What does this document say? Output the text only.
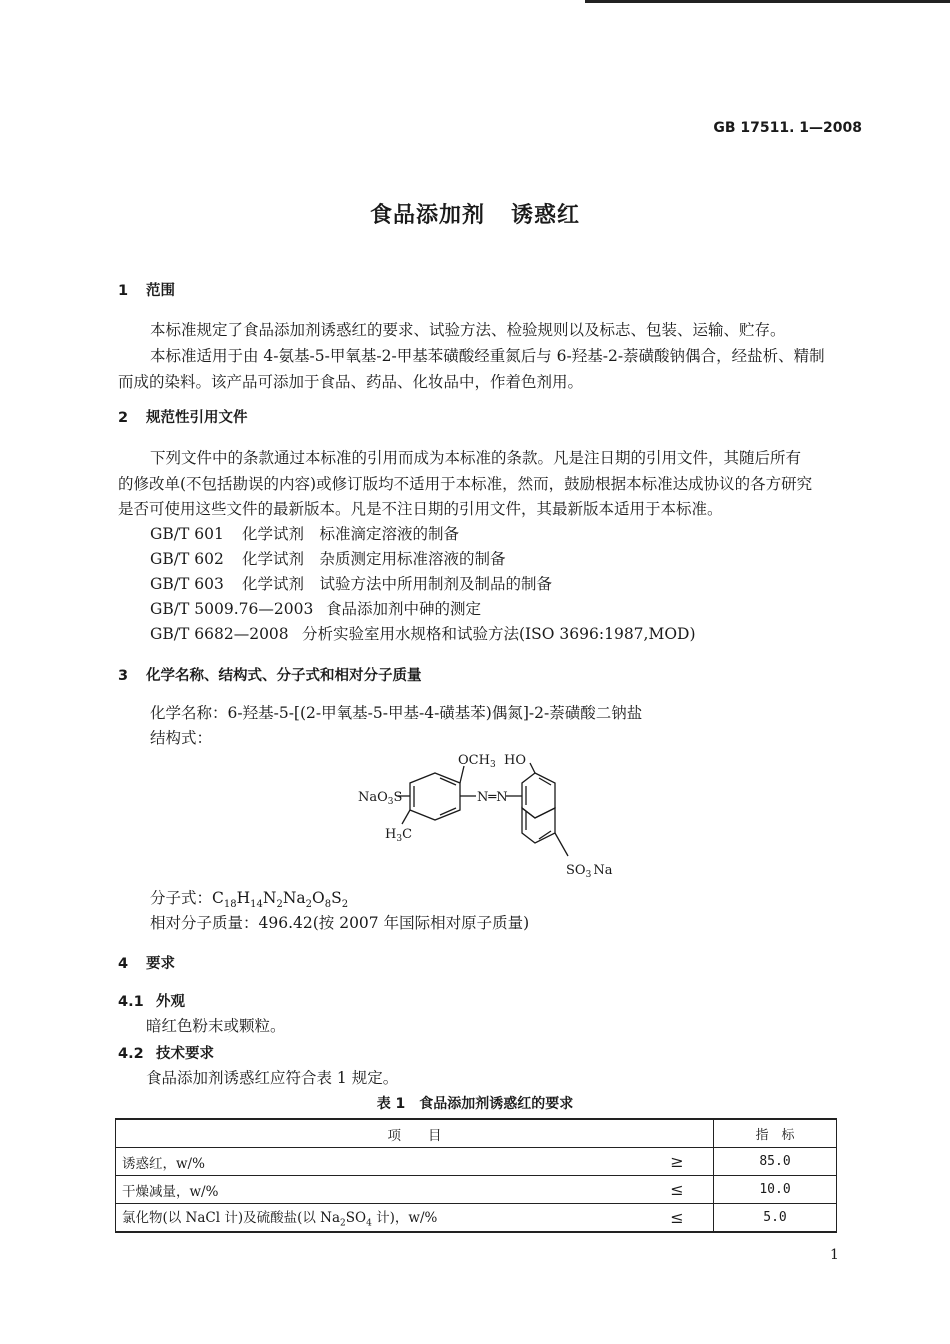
GB 17511. 1—2008
食品添加剂 诱惑红
1 范围
本标准规定了食品添加剂诱惑红的要求、试验方法、检验规则以及标志、包装、运输、贮存。
本标准适用于由 4-氨基-5-甲氧基-2-甲基苯磺酸经重氮后与 6-羟基-2-萘磺酸钠偶合，经盐析、精制
而成的染料。该产品可添加于食品、药品、化妆品中，作着色剂用。
2 规范性引用文件
下列文件中的条款通过本标准的引用而成为本标准的条款。凡是注日期的引用文件，其随后所有
的修改单(不包括勘误的内容)或修订版均不适用于本标准，然而，鼓励根据本标准达成协议的各方研究
是否可使用这些文件的最新版本。凡是不注日期的引用文件，其最新版本适用于本标准。
GB/T 601 化学试剂　标准滴定溶液的制备
GB/T 602 化学试剂　杂质测定用标准溶液的制备
GB/T 603 化学试剂　试验方法中所用制剂及制品的制备
GB/T 5009.76—2003 食品添加剂中砷的测定
GB/T 6682—2008 分析实验室用水规格和试验方法(ISO 3696:1987,MOD)
3 化学名称、结构式、分子式和相对分子质量
化学名称：6-羟基-5-[(2-甲氧基-5-甲基-4-磺基苯)偶氮]-2-萘磺酸二钠盐
结构式：
$OCH_3$ HO
NaO$_3$S	N═N
$H_3C$
$SO_3$ Na
分子式：$C_{18}H_{14}N_2Na_2O_8S_2$
相对分子质量：496.42(按 2007 年国际相对原子质量)
4 要求
4.1 外观
暗红色粉末或颗粒。
4.2 技术要求
食品添加剂诱惑红应符合表 1 规定。
表 1　食品添加剂诱惑红的要求
项　　目		指　标
诱惑红，w/%	≥	85.0
干燥减量，w/%	≤	10.0
氯化物(以 NaCl 计)及硫酸盐(以 $Na_2SO_4$ 计)，w/%	≤	5.0
1
